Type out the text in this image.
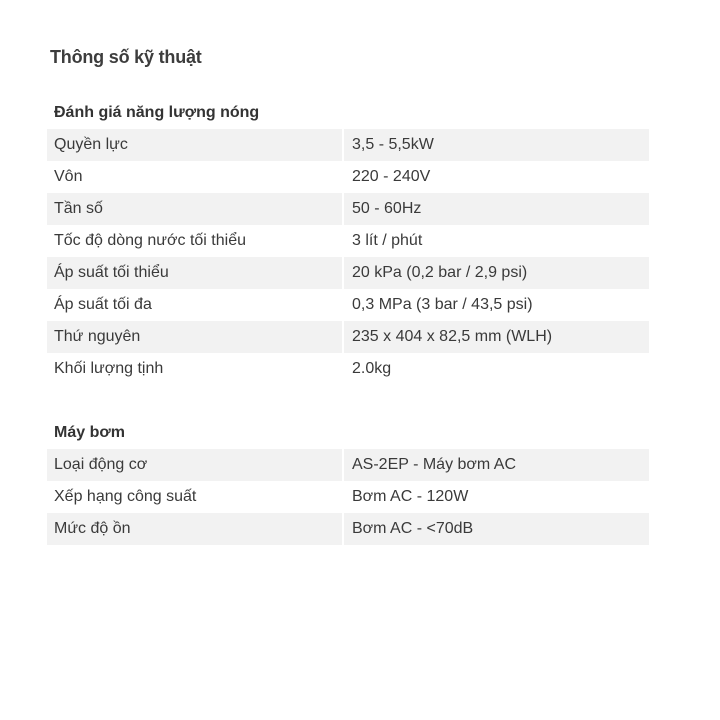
Thông số kỹ thuật
Đánh giá năng lượng nóng
Quyền lực	3,5 - 5,5kW
Vôn	220 - 240V
Tần số	50 - 60Hz
Tốc độ dòng nước tối thiểu	3 lít / phút
Áp suất tối thiểu	20 kPa (0,2 bar / 2,9 psi)
Áp suất tối đa	0,3 MPa (3 bar / 43,5 psi)
Thứ nguyên	235 x 404 x 82,5 mm (WLH)
Khối lượng tịnh	2.0kg
Máy bơm
Loại động cơ	AS-2EP - Máy bơm AC
Xếp hạng công suất	Bơm AC - 120W
Mức độ ồn	Bơm AC - <70dB
